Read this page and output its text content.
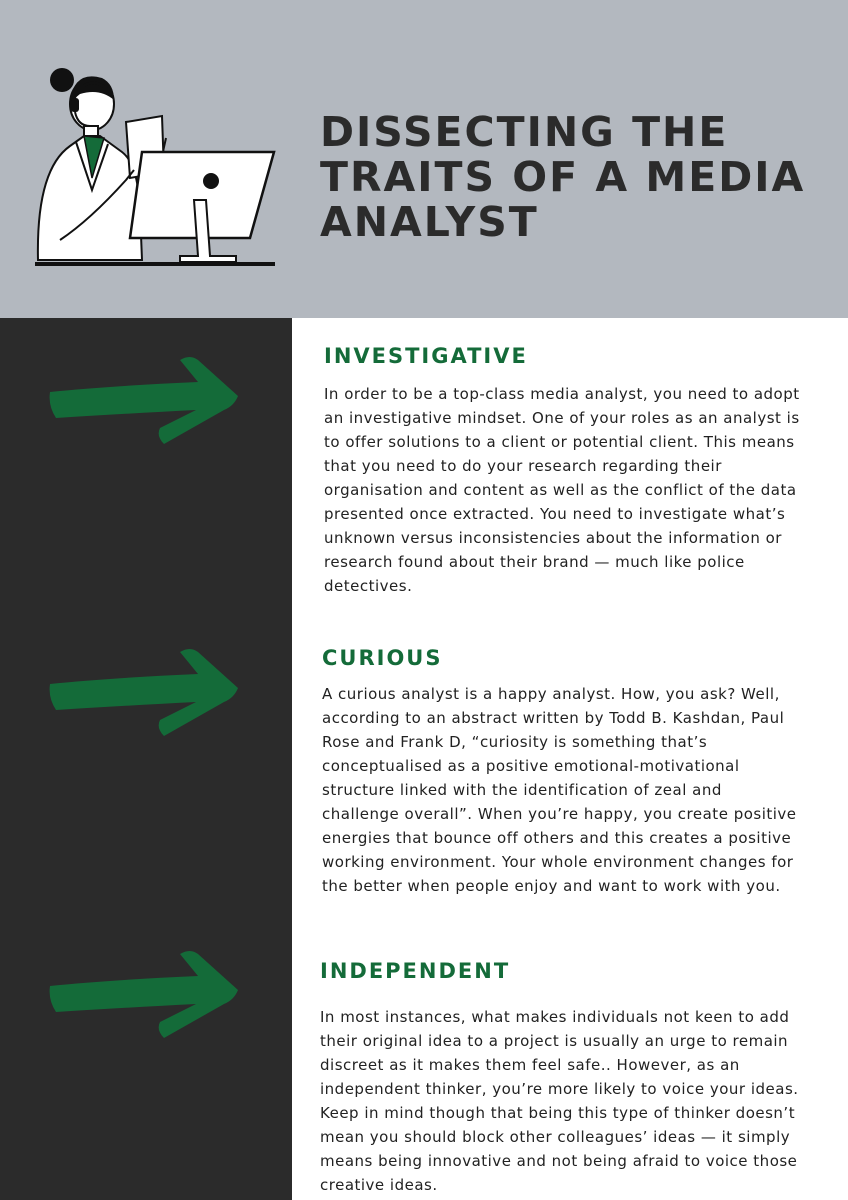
DISSECTING THE TRAITS OF A MEDIA ANALYST
INVESTIGATIVE

In order to be a top-class media analyst, you need to adopt an investigative mindset. One of your roles as an analyst is to offer solutions to a client or potential client. This means that you need to do your research regarding their organisation and content as well as the conflict of the data presented once extracted. You need to investigate what’s unknown versus inconsistencies about the information or research found about their brand — much like police detectives.

CURIOUS

A curious analyst is a happy analyst. How, you ask? Well, according to an abstract written by Todd B. Kashdan, Paul Rose and Frank D, “curiosity is something that’s conceptualised as a positive emotional-motivational structure linked with the identification of zeal and challenge overall”. When you’re happy, you create positive energies that bounce off others and this creates a positive working environment. Your whole environment changes for the better when people enjoy and want to work with you.

INDEPENDENT

In most instances, what makes individuals not keen to add their original idea to a project is usually an urge to remain discreet as it makes them feel safe.. However, as an independent thinker, you’re more likely to voice your ideas. Keep in mind though that being this type of thinker doesn’t mean you should block other colleagues’ ideas — it simply means being innovative and not being afraid to voice those creative ideas.
